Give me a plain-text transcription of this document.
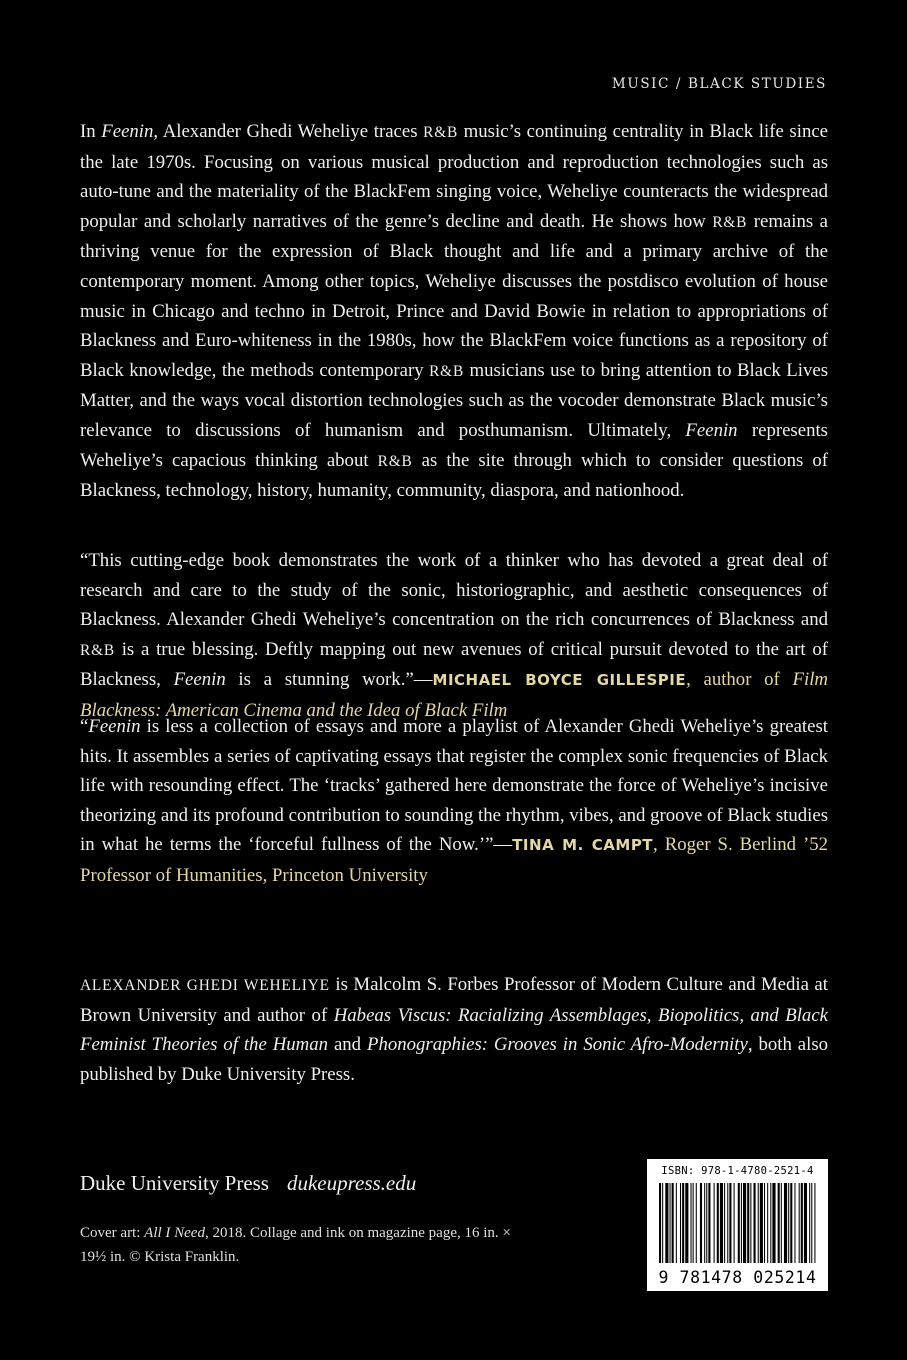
MUSIC / BLACK STUDIES

In Feenin, Alexander Ghedi Weheliye traces R&B music’s continuing centrality in Black life since the late 1970s. Focusing on various musical production and reproduction technologies such as auto-tune and the materiality of the BlackFem singing voice, Weheliye counteracts the widespread popular and scholarly narratives of the genre’s decline and death. He shows how R&B remains a thriving venue for the expression of Black thought and life and a primary archive of the contemporary moment. Among other topics, Weheliye discusses the postdisco evolution of house music in Chicago and techno in Detroit, Prince and David Bowie in relation to appropriations of Blackness and Euro-whiteness in the 1980s, how the BlackFem voice functions as a repository of Black knowledge, the methods contemporary R&B musicians use to bring attention to Black Lives Matter, and the ways vocal distortion technologies such as the vocoder demonstrate Black music’s relevance to discussions of humanism and posthumanism. Ultimately, Feenin represents Weheliye’s capacious thinking about R&B as the site through which to consider questions of Blackness, technology, history, humanity, community, diaspora, and nationhood.

“This cutting-edge book demonstrates the work of a thinker who has devoted a great deal of research and care to the study of the sonic, historiographic, and aesthetic consequences of Blackness. Alexander Ghedi Weheliye’s concentration on the rich concurrences of Blackness and R&B is a true blessing. Deftly mapping out new avenues of critical pursuit devoted to the art of Blackness, Feenin is a stunning work.”—MICHAEL BOYCE GILLESPIE, author of Film Blackness: American Cinema and the Idea of Black Film

“Feenin is less a collection of essays and more a playlist of Alexander Ghedi Weheliye’s greatest hits. It assembles a series of captivating essays that register the complex sonic frequencies of Black life with resounding effect. The ‘tracks’ gathered here demonstrate the force of Weheliye’s incisive theorizing and its profound contribution to sounding the rhythm, vibes, and groove of Black studies in what he terms the ‘forceful fullness of the Now.’”—TINA M. CAMPT, Roger S. Berlind ’52 Professor of Humanities, Princeton University

ALEXANDER GHEDI WEHELIYE is Malcolm S. Forbes Professor of Modern Culture and Media at Brown University and author of Habeas Viscus: Racializing Assemblages, Biopolitics, and Black Feminist Theories of the Human and Phonographies: Grooves in Sonic Afro-Modernity, both also published by Duke University Press.

Duke University Press dukeupress.edu
Cover art: All I Need, 2018. Collage and ink on magazine page, 16 in. × 19½ in. © Krista Franklin.
ISBN: 978-1-4780-2521-4
9 781478 025214
